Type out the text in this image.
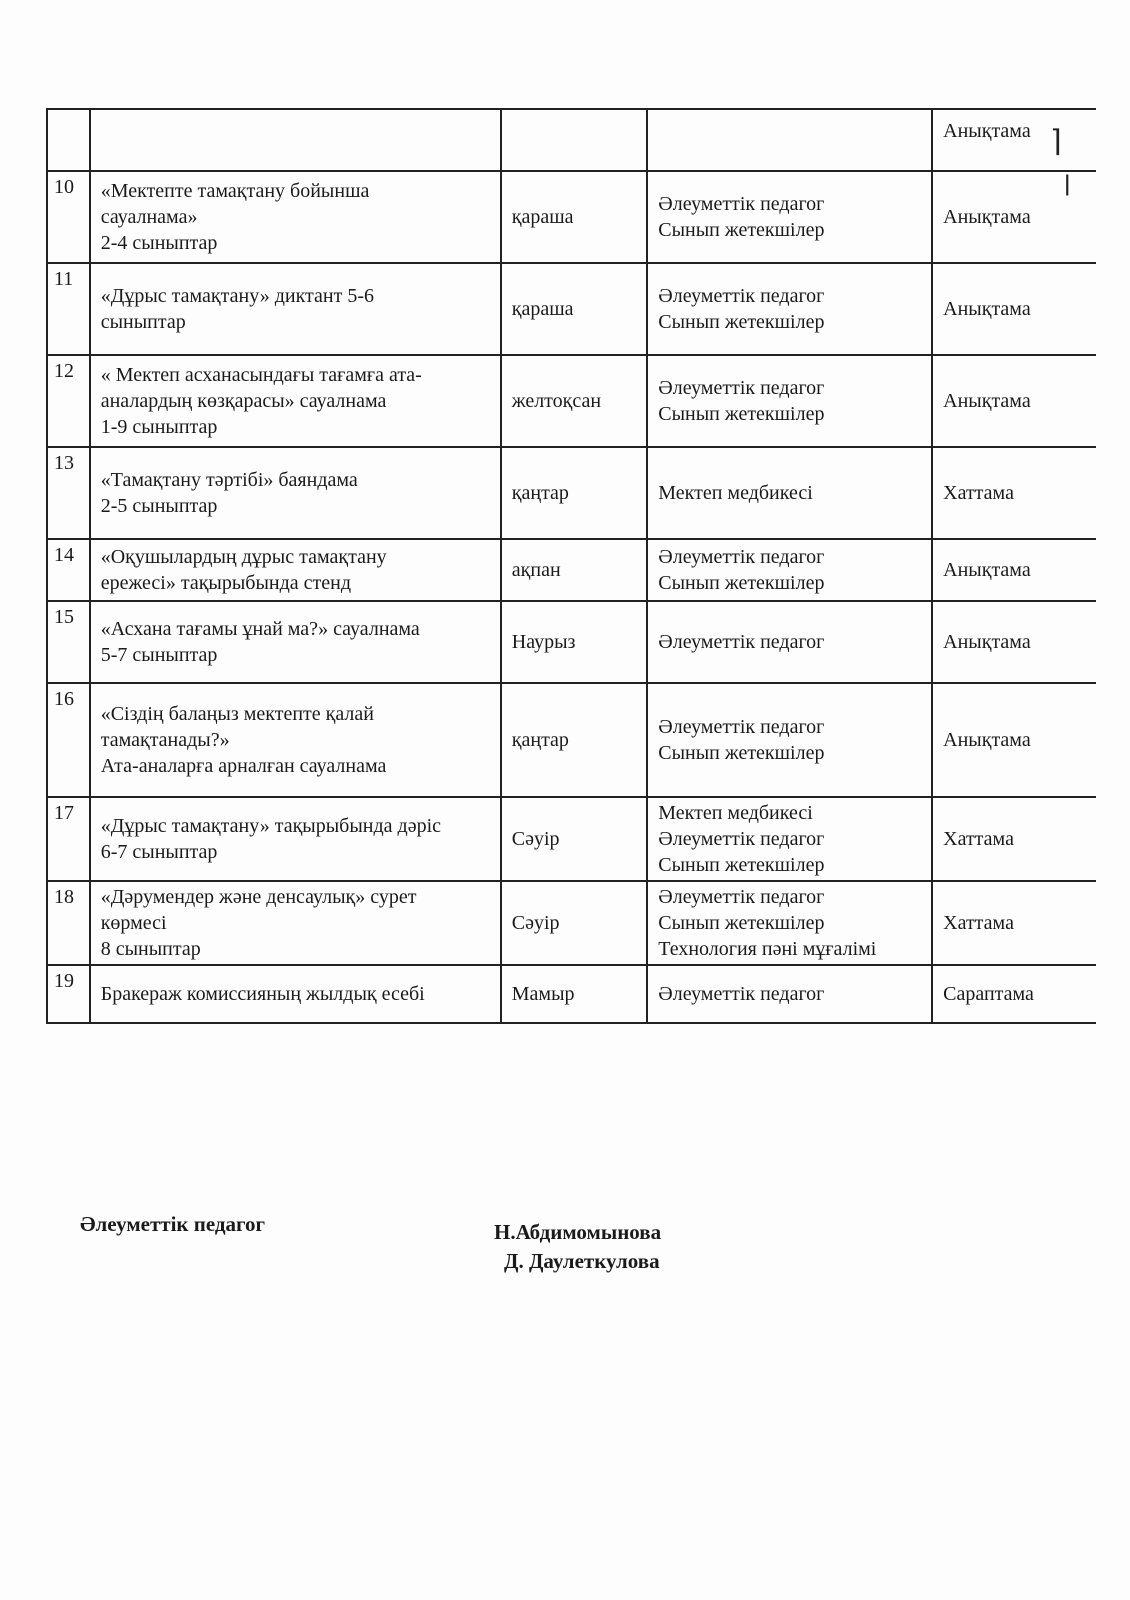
				Анықтама
10	«Мектепте тамақтану бойынша
сауалнама»
2-4 сыныптар	қараша	Әлеуметтік педагог
Сынып жетекшілер	Анықтама
11	«Дұрыс тамақтану» диктант 5-6
сыныптар	қараша	Әлеуметтік педагог
Сынып жетекшілер	Анықтама
12	« Мектеп асханасындағы тағамға ата-
аналардың көзқарасы» сауалнама
1-9 сыныптар	желтоқсан	Әлеуметтік педагог
Сынып жетекшілер	Анықтама
13	«Тамақтану тәртібі» баяндама
2-5 сыныптар	қаңтар	Мектеп медбикесі	Хаттама
14	«Оқушылардың дұрыс тамақтану
ережесі» тақырыбында стенд	ақпан	Әлеуметтік педагог
Сынып жетекшілер	Анықтама
15	«Асхана тағамы ұнай ма?» сауалнама
5-7 сыныптар	Наурыз	Әлеуметтік педагог	Анықтама
16	«Сіздің балаңыз мектепте қалай
тамақтанады?»
Ата-аналарға арналған сауалнама	қаңтар	Әлеуметтік педагог
Сынып жетекшілер	Анықтама
17	«Дұрыс тамақтану» тақырыбында дәріс
6-7 сыныптар	Сәуір	Мектеп медбикесі
Әлеуметтік педагог
Сынып жетекшілер	Хаттама
18	«Дәрумендер және денсаулық» сурет
көрмесі
8 сыныптар	Сәуір	Әлеуметтік педагог
Сынып жетекшілер
Технология пәні мұғалімі	Хаттама
19	Бракераж комиссияның жылдық есебі	Мамыр	Әлеуметтік педагог	Сараптама
⌉
ǀ
Әлеуметтік педагог	Н.Абдимомынова
Д. Даулеткулова
